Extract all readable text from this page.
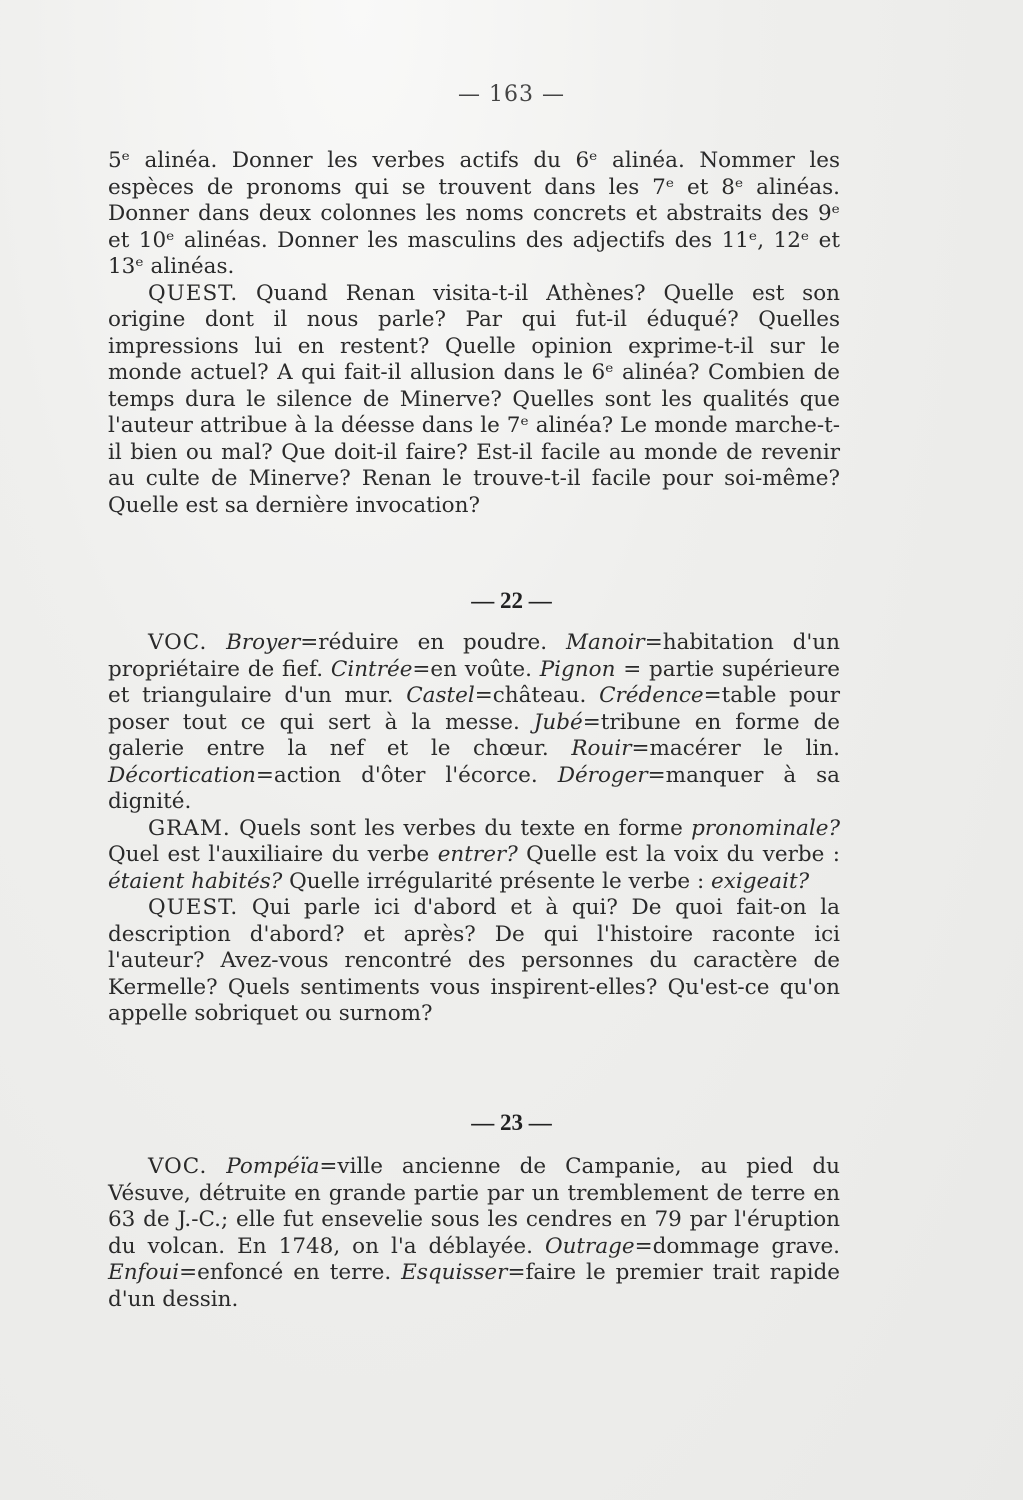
— 163 —

5ᵉ alinéa. Donner les verbes actifs du 6ᵉ alinéa. Nommer les espèces de pronoms qui se trouvent dans les 7ᵉ et 8ᵉ alinéas. Donner dans deux colonnes les noms concrets et abstraits des 9ᵉ et 10ᵉ alinéas. Donner les masculins des adjectifs des 11ᵉ, 12ᵉ et 13ᵉ alinéas.

QUEST. Quand Renan visita-t-il Athènes? Quelle est son origine dont il nous parle? Par qui fut-il éduqué? Quelles impressions lui en restent? Quelle opinion exprime-t-il sur le monde actuel? A qui fait-il allusion dans le 6ᵉ alinéa? Combien de temps dura le silence de Minerve? Quelles sont les qualités que l'auteur attribue à la déesse dans le 7ᵉ alinéa? Le monde marche-t-il bien ou mal? Que doit-il faire? Est-il facile au monde de revenir au culte de Minerve? Renan le trouve-t-il facile pour soi-même? Quelle est sa dernière invocation?

— 22 —

VOC. Broyer=réduire en poudre. Manoir=habitation d'un propriétaire de fief. Cintrée=en voûte. Pignon = partie supérieure et triangulaire d'un mur. Castel=château. Crédence=table pour poser tout ce qui sert à la messe. Jubé=tribune en forme de galerie entre la nef et le chœur. Rouir=macérer le lin. Décortication=action d'ôter l'écorce. Déroger=manquer à sa dignité.

GRAM. Quels sont les verbes du texte en forme pronominale? Quel est l'auxiliaire du verbe entrer? Quelle est la voix du verbe : étaient habités? Quelle irrégularité présente le verbe : exigeait?

QUEST. Qui parle ici d'abord et à qui? De quoi fait-on la description d'abord? et après? De qui l'histoire raconte ici l'auteur? Avez-vous rencontré des personnes du caractère de Kermelle? Quels sentiments vous inspirent-elles? Qu'est-ce qu'on appelle sobriquet ou surnom?

— 23 —

VOC. Pompéïa=ville ancienne de Campanie, au pied du Vésuve, détruite en grande partie par un tremblement de terre en 63 de J.-C.; elle fut ensevelie sous les cendres en 79 par l'éruption du volcan. En 1748, on l'a déblayée. Outrage=dommage grave. Enfoui=enfoncé en terre. Esquisser=faire le premier trait rapide d'un dessin.
